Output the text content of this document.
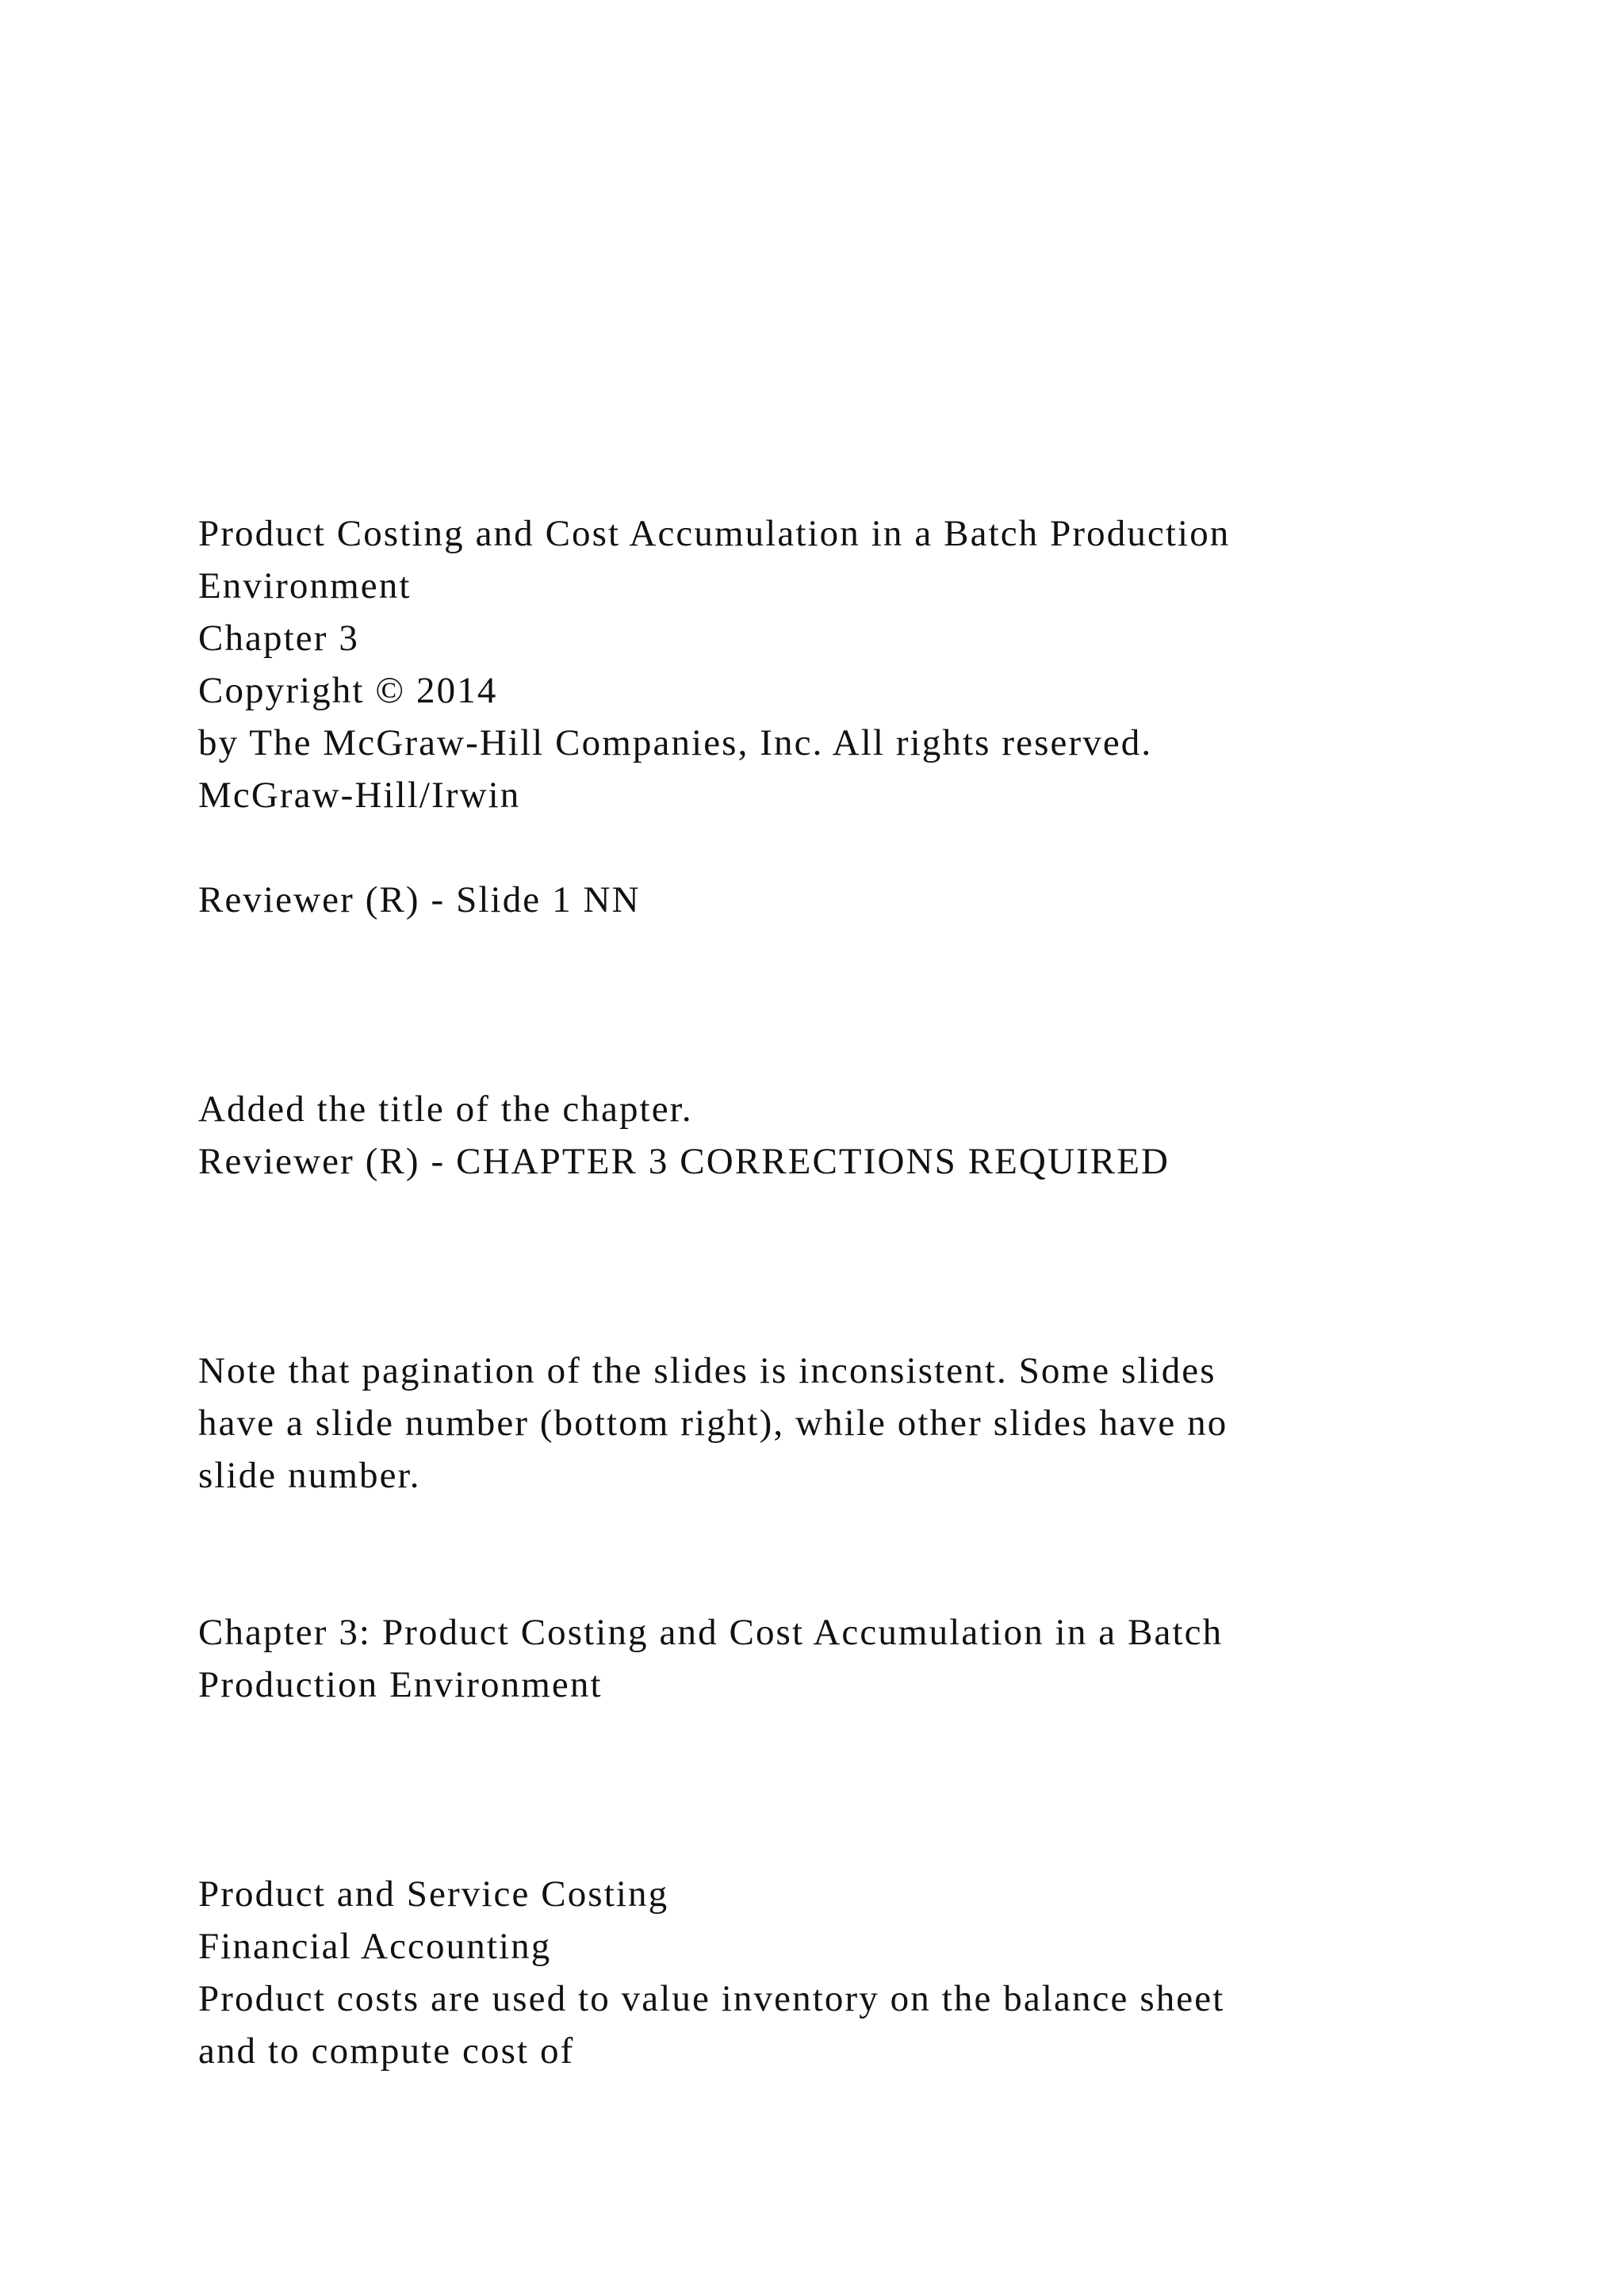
Product Costing and Cost Accumulation in a Batch Production
Environment
Chapter 3
Copyright © 2014
by The McGraw-Hill Companies, Inc. All rights reserved.
McGraw-Hill/Irwin
Reviewer (R) - Slide 1 NN
Added the title of the chapter.
Reviewer (R) - CHAPTER 3 CORRECTIONS REQUIRED
Note that pagination of the slides is inconsistent. Some slides
have a slide number (bottom right), while other slides have no
slide number.
Chapter 3: Product Costing and Cost Accumulation in a Batch
Production Environment
Product and Service Costing
Financial Accounting
Product costs are used to value inventory on the balance sheet
and to compute cost of
